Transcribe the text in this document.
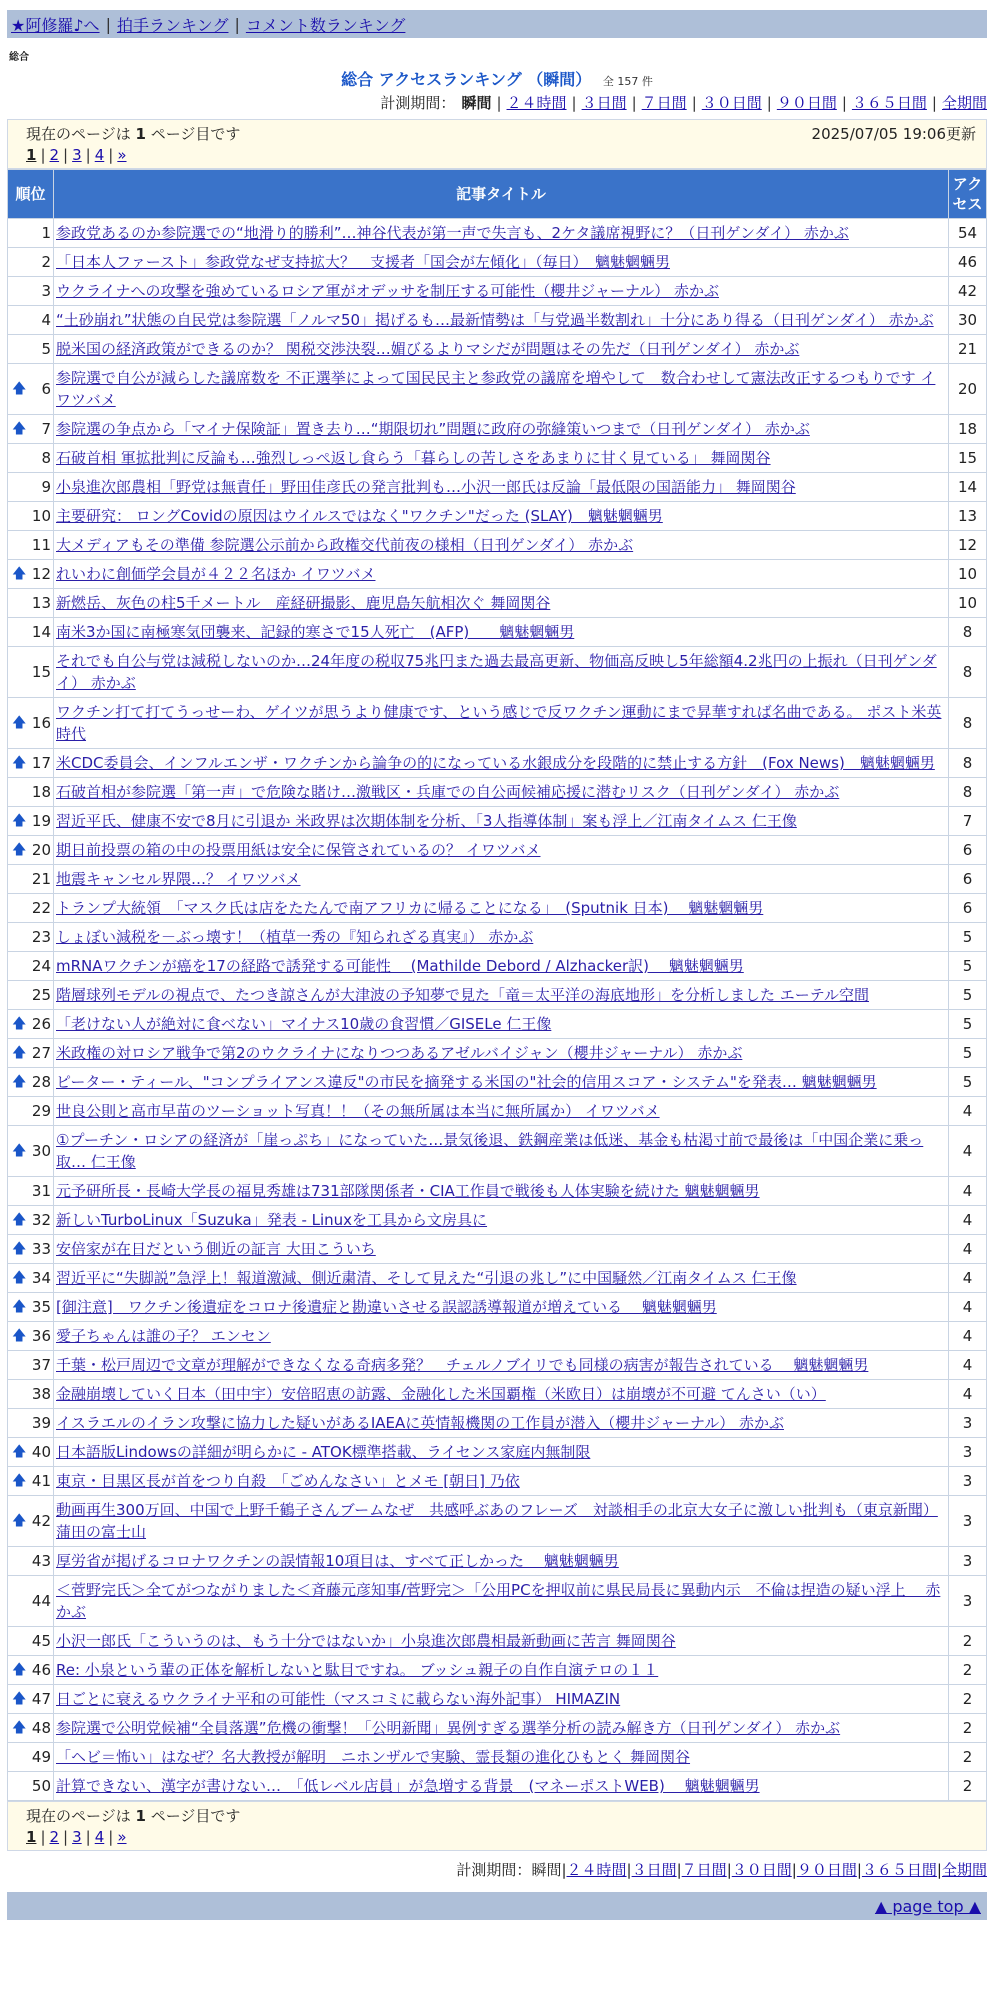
★阿修羅♪へ | 拍手ランキング | コメント数ランキング
総合
総合 アクセスランキング （瞬間） 全 157 件
計測期間： 瞬間 | ２４時間 | ３日間 | ７日間 | ３０日間 | ９０日間 | ３６５日間 | 全期間
現在のページは 1 ページ目です	2025/07/05 19:06更新
1 | 2 | 3 | 4 | »
順位	記事タイトル	アクセス
1	参政党あるのか参院選での“地滑り的勝利”…神谷代表が第一声で失言も、2ケタ議席視野に？（日刊ゲンダイ） 赤かぶ	54
2	「日本人ファースト」参政党なぜ支持拡大？　支援者「国会が左傾化」（毎日）　魑魅魍魎男	46
3	ウクライナへの攻撃を強めているロシア軍がオデッサを制圧する可能性（櫻井ジャーナル） 赤かぶ	42
4	“土砂崩れ”状態の自民党は参院選「ノルマ50」掲げるも…最新情勢は「与党過半数割れ」十分にあり得る（日刊ゲンダイ） 赤かぶ	30
5	脱米国の経済政策ができるのか？ 関税交渉決裂…媚びるよりマシだが問題はその先だ（日刊ゲンダイ） 赤かぶ	21

🡅 6	参院選で自公が減らした議席数を 不正選挙によって国民民主と参政党の議席を増やして　数合わせして憲法改正するつもりです イワツバメ	20

🡅 7	参院選の争点から「マイナ保険証」置き去り…“期限切れ”問題に政府の弥縫策いつまで（日刊ゲンダイ） 赤かぶ	18
8	石破首相 軍拡批判に反論も…強烈しっぺ返し食らう「暮らしの苦しさをあまりに甘く見ている」 舞岡関谷	15
9	小泉進次郎農相「野党は無責任」野田佳彦氏の発言批判も…小沢一郎氏は反論「最低限の国語能力」 舞岡関谷	14
10	主要研究： ロングCovidの原因はウイルスではなく"ワクチン"だった (SLAY)　魑魅魍魎男	13
11	大メディアもその準備 参院選公示前から政権交代前夜の様相（日刊ゲンダイ） 赤かぶ	12

🡅 12	れいわに創価学会員が４２２名ほか イワツバメ	10
13	新燃岳、灰色の柱5千メートル　産経研撮影、鹿児島矢航相次ぐ 舞岡関谷	10
14	南米3か国に南極寒気団襲来、記録的寒さで15人死亡　(AFP)　　魑魅魍魎男	8
15	それでも自公与党は減税しないのか…24年度の税収75兆円また過去最高更新、物価高反映し5年総額4.2兆円の上振れ（日刊ゲンダイ） 赤かぶ	8

🡅 16	ワクチン打て打てうっせーわ、ゲイツが思うより健康です、という感じで反ワクチン運動にまで昇華すれば名曲である。 ポスト米英時代	8

🡅 17	米CDC委員会、インフルエンザ・ワクチンから論争の的になっている水銀成分を段階的に禁止する方針　(Fox News)　魑魅魍魎男	8
18	石破首相が参院選「第一声」で危険な賭け…激戦区・兵庫での自公両候補応援に潜むリスク（日刊ゲンダイ） 赤かぶ	8

🡅 19	習近平氏、健康不安で8月に引退か 米政界は次期体制を分析、「3人指導体制」案も浮上／江南タイムス 仁王像	7

🡅 20	期日前投票の箱の中の投票用紙は安全に保管されているの？ イワツバメ	6
21	地震キャンセル界隈…？ イワツバメ	6
22	トランプ大統領　「マスク氏は店をたたんで南アフリカに帰ることになる」　(Sputnik 日本)　 魑魅魍魎男	6
23	しょぼい減税を－ぶっ壊す！（植草一秀の『知られざる真実』） 赤かぶ	5
24	mRNAワクチンが癌を17の経路で誘発する可能性　 (Mathilde Debord / Alzhacker訳)　 魑魅魍魎男	5
25	階層球列モデルの視点で、たつき諒さんが大津波の予知夢で見た「竜＝太平洋の海底地形」を分析しました エーテル空間	5

🡅 26	「老けない人が絶対に食べない」マイナス10歳の食習慣／GISELe 仁王像	5

🡅 27	米政権の対ロシア戦争で第2のウクライナになりつつあるアゼルバイジャン（櫻井ジャーナル） 赤かぶ	5

🡅 28	ピーター・ティール、"コンプライアンス違反"の市民を摘発する米国の"社会的信用スコア・システム"を発表… 魑魅魍魎男	5
29	世良公則と高市早苗のツーショット写真！！（その無所属は本当に無所属か） イワツバメ	4

🡅 30	①プーチン・ロシアの経済が「崖っぷち」になっていた…景気後退、鉄鋼産業は低迷、基金も枯渇寸前で最後は「中国企業に乗っ取… 仁王像	4
31	元予研所長・長崎大学長の福見秀雄は731部隊関係者・CIA工作員で戦後も人体実験を続けた 魑魅魍魎男	4

🡅 32	新しいTurboLinux「Suzuka」発表 - Linuxを工具から文房具に	4

🡅 33	安倍家が在日だという側近の証言 大田こういち	4

🡅 34	習近平に“失脚説”急浮上！報道激減、側近粛清、そして見えた“引退の兆し”に中国騒然／江南タイムス 仁王像	4

🡅 35	[御注意]　ワクチン後遺症をコロナ後遺症と勘違いさせる誤認誘導報道が増えている　 魑魅魍魎男	4

🡅 36	愛子ちゃんは誰の子？ エンセン	4
37	千葉・松戸周辺で文章が理解ができなくなる奇病多発？　チェルノブイリでも同様の病害が報告されている　 魑魅魍魎男	4
38	金融崩壊していく日本（田中宇）安倍昭恵の訪露、金融化した米国覇権（米欧日）は崩壊が不可避 てんさい（い）	4
39	イスラエルのイラン攻撃に協力した疑いがあるIAEAに英情報機関の工作員が潜入（櫻井ジャーナル） 赤かぶ	3

🡅 40	日本語版Lindowsの詳細が明らかに - ATOK標準搭載、ライセンス家庭内無制限	3

🡅 41	東京・目黒区長が首をつり自殺　「ごめんなさい」とメモ [朝日] 乃依	3

🡅 42	動画再生300万回、中国で上野千鶴子さんブームなぜ　共感呼ぶあのフレーズ　対談相手の北京大女子に激しい批判も（東京新聞） 蒲田の富士山	3
43	厚労省が掲げるコロナワクチンの誤情報10項目は、すべて正しかった　 魑魅魍魎男	3
44	＜菅野完氏＞全てがつながりました＜斉藤元彦知事/菅野完＞「公用PCを押収前に県民局長に異動内示　不倫は捏造の疑い浮上　 赤かぶ	3
45	小沢一郎氏「こういうのは、もう十分ではないか」小泉進次郎農相最新動画に苦言 舞岡関谷	2

🡅 46	Re: 小泉という輩の正体を解析しないと駄目ですね。 ブッシュ親子の自作自演テロの１１	2

🡅 47	日ごとに衰えるウクライナ平和の可能性（マスコミに載らない海外記事） HIMAZIN	2

🡅 48	参院選で公明党候補“全員落選”危機の衝撃！「公明新聞」異例すぎる選挙分析の読み解き方（日刊ゲンダイ） 赤かぶ	2
49	「ヘビ＝怖い」はなぜ？名大教授が解明　ニホンザルで実験、霊長類の進化ひもとく 舞岡関谷	2
50	計算できない、漢字が書けない…　「低レベル店員」が急増する背景　(マネーポストWEB)　 魑魅魍魎男	2
現在のページは 1 ページ目です
1 | 2 | 3 | 4 | »
計測期間：瞬間|２４時間|３日間|７日間|３０日間|９０日間|３６５日間|全期間
▲ page top ▲
